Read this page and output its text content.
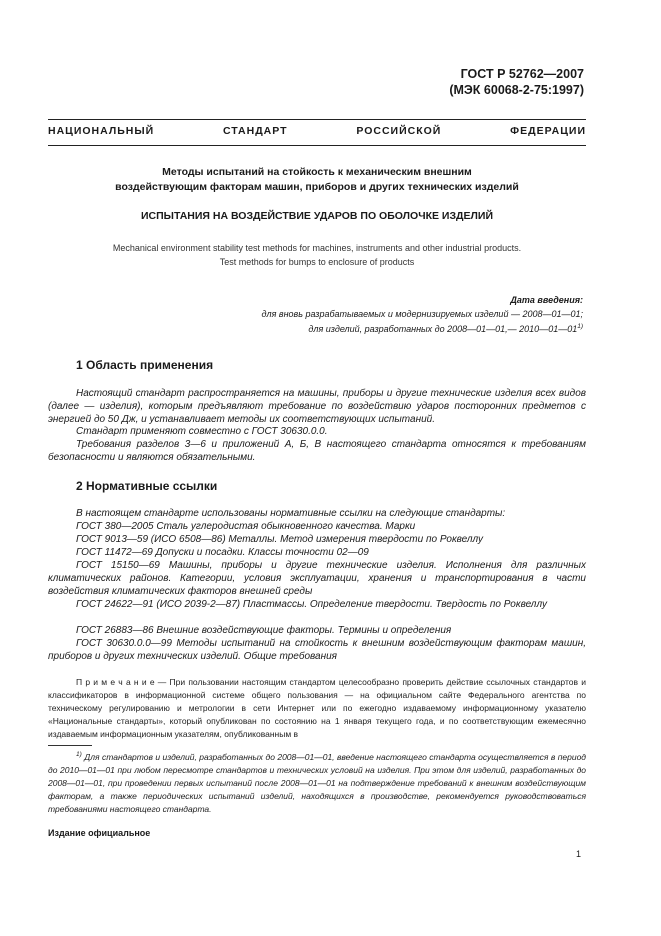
ГОСТ Р 52762—2007
(МЭК 60068-2-75:1997)
НАЦИОНАЛЬНЫЙ СТАНДАРТ РОССИЙСКОЙ ФЕДЕРАЦИИ
Методы испытаний на стойкость к механическим внешним
воздействующим факторам машин, приборов и других технических изделий
ИСПЫТАНИЯ НА ВОЗДЕЙСТВИЕ УДАРОВ ПО ОБОЛОЧКЕ ИЗДЕЛИЙ
Mechanical environment stability test methods for machines, instruments and other industrial products.
Test methods for bumps to enclosure of products
Дата введения:
для вновь разрабатываемых и модернизируемых изделий — 2008—01—01;
для изделий, разработанных до 2008—01—01,— 2010—01—01$^{1)}$
1 Область применения
Настоящий стандарт распространяется на машины, приборы и другие технические изделия всех видов (далее — изделия), которым предъявляют требование по воздействию ударов посторонних предметов с энергией до 50 Дж, и устанавливает методы их соответствующих испытаний.
Стандарт применяют совместно с ГОСТ 30630.0.0.
Требования разделов 3—6 и приложений А, Б, В настоящего стандарта относятся к требованиям безопасности и являются обязательными.
2 Нормативные ссылки
В настоящем стандарте использованы нормативные ссылки на следующие стандарты:
ГОСТ 380—2005 Сталь углеродистая обыкновенного качества. Марки
ГОСТ 9013—59 (ИСО 6508—86) Металлы. Метод измерения твердости по Роквеллу
ГОСТ 11472—69 Допуски и посадки. Классы точности 02—09
ГОСТ 15150—69 Машины, приборы и другие технические изделия. Исполнения для различных климатических районов. Категории, условия эксплуатации, хранения и транспортирования в части воздействия климатических факторов внешней среды
ГОСТ 24622—91 (ИСО 2039-2—87) Пластмассы. Определение твердости. Твердость по Роквеллу
ГОСТ 26883—86 Внешние воздействующие факторы. Термины и определения
ГОСТ 30630.0.0—99 Методы испытаний на стойкость к внешним воздействующим факторам машин, приборов и других технических изделий. Общие требования
П р и м е ч а н и е — При пользовании настоящим стандартом целесообразно проверить действие ссылочных стандартов и классификаторов в информационной системе общего пользования — на официальном сайте Федерального агентства по техническому регулированию и метрологии в сети Интернет или по ежегодно издаваемому информационному указателю «Национальные стандарты», который опубликован по состоянию на 1 января текущего года, и по соответствующим ежемесячно издаваемым информационным указателям, опубликованным в
$^{1)}$ Для стандартов и изделий, разработанных до 2008—01—01, введение настоящего стандарта осуществляется в период до 2010—01—01 при любом пересмотре стандартов и технических условий на изделия. При этом для изделий, разработанных до 2008—01—01, при проведении первых испытаний после 2008—01—01 на подтверждение требований к внешним воздействующим факторам, а также периодических испытаний изделий, находящихся в производстве, рекомендуется руководствоваться требованиями настоящего стандарта.
Издание официальное
1
